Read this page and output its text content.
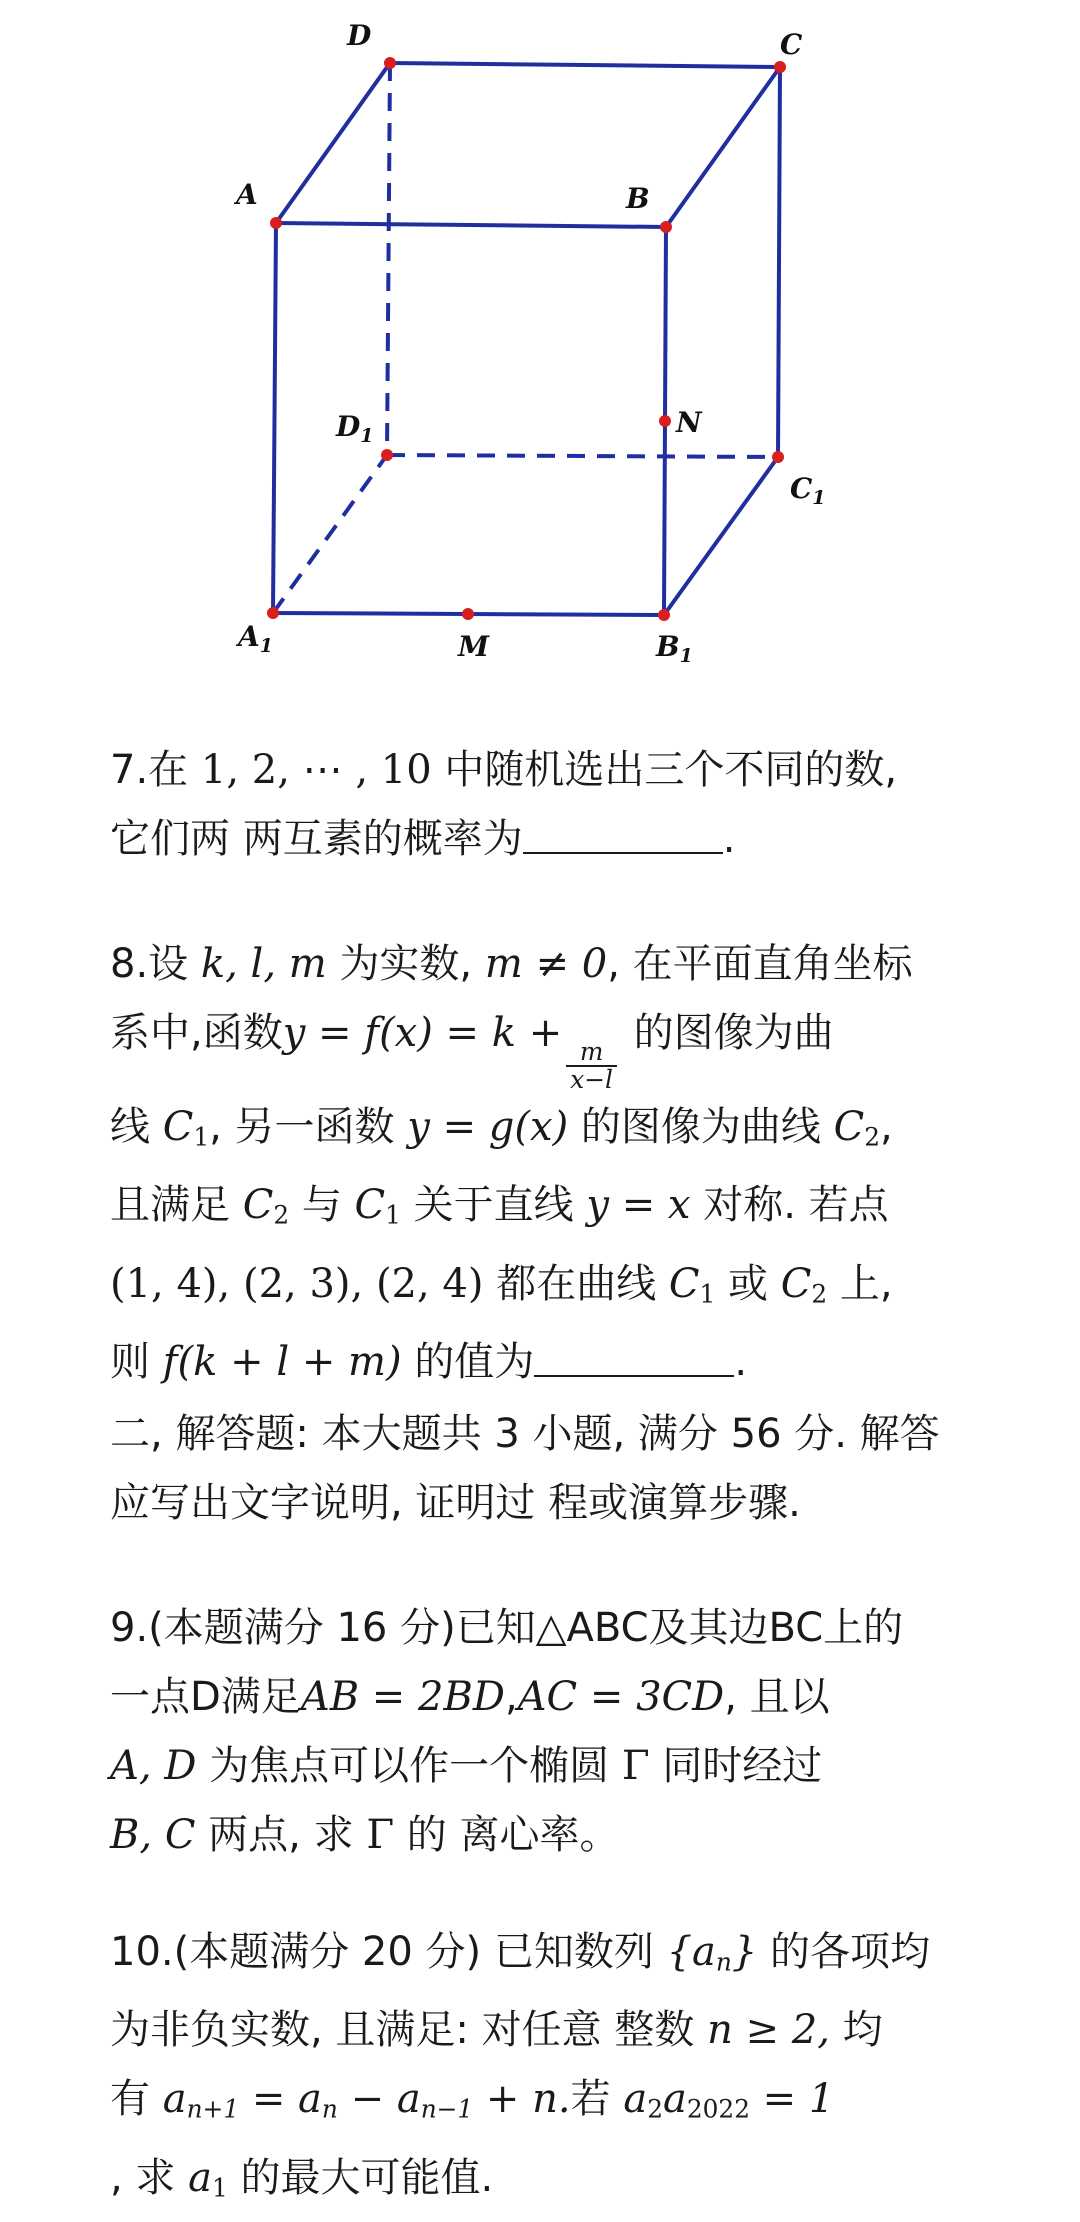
D	C
A	B
N
$D_1$
$C_1$
$A_1$	M	$B_1$

7.在 1, 2, ⋯ , 10 中随机选出三个不同的数,
它们两 两互素的概率为	.

8.设 k, l, m 为实数, m ≠ 0, 在平面直角坐标
系中,函数y = f(x) = k +
$\frac{m}{x-l}$
的图像为曲
线 $C_1$, 另一函数 y = g(x) 的图像为曲线 $C_2$,
且满足 $C_2$ 与 $C_1$ 关于直线 y = x 对称. 若点
(1, 4), (2, 3), (2, 4) 都在曲线 $C_1$ 或 $C_2$ 上,
则 f(k + l + m) 的值为	.

二, 解答题: 本大题共 3 小题, 满分 56 分. 解答
应写出文字说明, 证明过 程或演算步骤.

9.(本题满分 16 分)已知△ABC及其边BC上的
一点D满足AB = 2BD,AC = 3CD, 且以
A, D 为焦点可以作一个椭圆 Γ 同时经过
B, C 两点, 求 Γ 的 离心率。

10.(本题满分 20 分) 已知数列 $\{a_n\}$ 的各项均
为非负实数, 且满足: 对任意 整数 n ≥ 2, 均
有 $a_{n+1} = a_n - a_{n-1} + n$.若 $a_2a_{2022} = 1$
, 求 $a_1$ 的最大可能值.
